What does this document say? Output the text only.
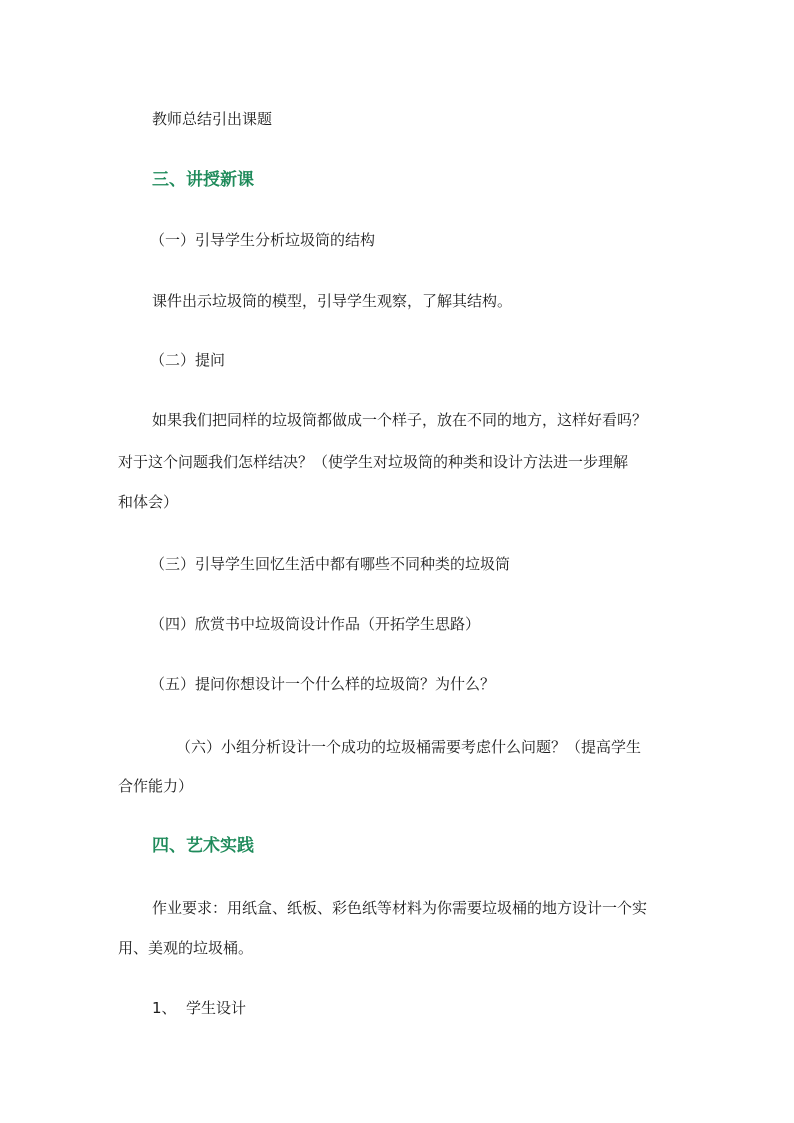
教师总结引出课题
三、讲授新课
（一）引导学生分析垃圾筒的结构
课件出示垃圾筒的模型，引导学生观察，了解其结构。
（二）提问
如果我们把同样的垃圾筒都做成一个样子，放在不同的地方，这样好看吗？
对于这个问题我们怎样结决？（使学生对垃圾筒的种类和设计方法进一步理解
和体会）
（三）引导学生回忆生活中都有哪些不同种类的垃圾筒
（四）欣赏书中垃圾筒设计作品（开拓学生思路）
（五）提问你想设计一个什么样的垃圾筒？为什么？
（六）小组分析设计一个成功的垃圾桶需要考虑什么问题？（提高学生
合作能力）
四、艺术实践
作业要求：用纸盒、纸板、彩色纸等材料为你需要垃圾桶的地方设计一个实
用、美观的垃圾桶。
1、 学生设计
